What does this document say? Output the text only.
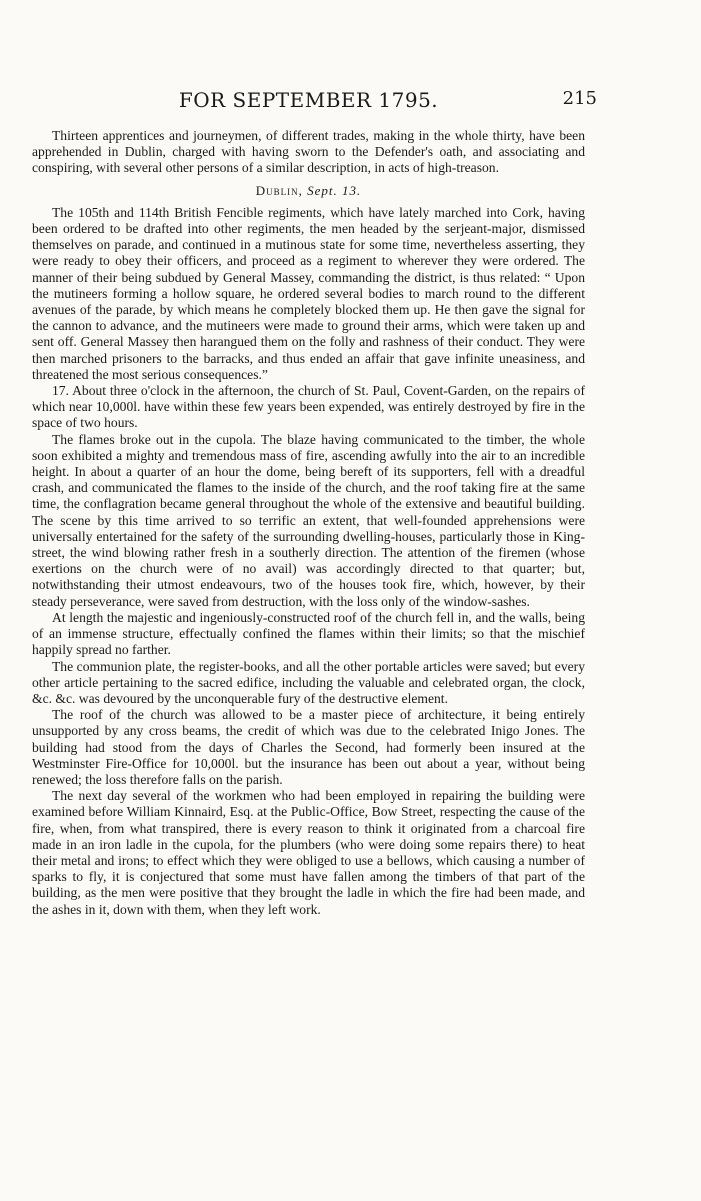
FOR SEPTEMBER 1795.	215

Thirteen apprentices and journeymen, of different trades, making in the whole thirty, have been apprehended in Dublin, charged with having sworn to the Defender's oath, and associating and conspiring, with several other persons of a similar description, in acts of high-treason.

Dublin, Sept. 13.

The 105th and 114th British Fencible regiments, which have lately marched into Cork, having been ordered to be drafted into other regiments, the men headed by the serjeant-major, dismissed themselves on parade, and continued in a mutinous state for some time, nevertheless asserting, they were ready to obey their officers, and proceed as a regiment to wherever they were ordered. The manner of their being subdued by General Massey, commanding the district, is thus related: “ Upon the mutineers forming a hollow square, he ordered several bodies to march round to the different avenues of the parade, by which means he completely blocked them up. He then gave the signal for the cannon to advance, and the mutineers were made to ground their arms, which were taken up and sent off. General Massey then harangued them on the folly and rashness of their conduct. They were then marched prisoners to the barracks, and thus ended an affair that gave infinite uneasiness, and threatened the most serious consequences.”

17. About three o'clock in the afternoon, the church of St. Paul, Covent-Garden, on the repairs of which near 10,000l. have within these few years been expended, was entirely destroyed by fire in the space of two hours.

The flames broke out in the cupola. The blaze having communicated to the timber, the whole soon exhibited a mighty and tremendous mass of fire, ascending awfully into the air to an incredible height. In about a quarter of an hour the dome, being bereft of its supporters, fell with a dreadful crash, and communicated the flames to the inside of the church, and the roof taking fire at the same time, the conflagration became general throughout the whole of the extensive and beautiful building. The scene by this time arrived to so terrific an extent, that well-founded apprehensions were universally entertained for the safety of the surrounding dwelling-houses, particularly those in King-street, the wind blowing rather fresh in a southerly direction. The attention of the firemen (whose exertions on the church were of no avail) was accordingly directed to that quarter; but, notwithstanding their utmost endeavours, two of the houses took fire, which, however, by their steady perseverance, were saved from destruction, with the loss only of the window-sashes.

At length the majestic and ingeniously-constructed roof of the church fell in, and the walls, being of an immense structure, effectually confined the flames within their limits; so that the mischief happily spread no farther.

The communion plate, the register-books, and all the other portable articles were saved; but every other article pertaining to the sacred edifice, including the valuable and celebrated organ, the clock, &c. &c. was devoured by the unconquerable fury of the destructive element.

The roof of the church was allowed to be a master piece of architecture, it being entirely unsupported by any cross beams, the credit of which was due to the celebrated Inigo Jones. The building had stood from the days of Charles the Second, had formerly been insured at the Westminster Fire-Office for 10,000l. but the insurance has been out about a year, without being renewed; the loss therefore falls on the parish.

The next day several of the workmen who had been employed in repairing the building were examined before William Kinnaird, Esq. at the Public-Office, Bow Street, respecting the cause of the fire, when, from what transpired, there is every reason to think it originated from a charcoal fire made in an iron ladle in the cupola, for the plumbers (who were doing some repairs there) to heat their metal and irons; to effect which they were obliged to use a bellows, which causing a number of sparks to fly, it is conjectured that some must have fallen among the timbers of that part of the building, as the men were positive that they brought the ladle in which the fire had been made, and the ashes in it, down with them, when they left work.
